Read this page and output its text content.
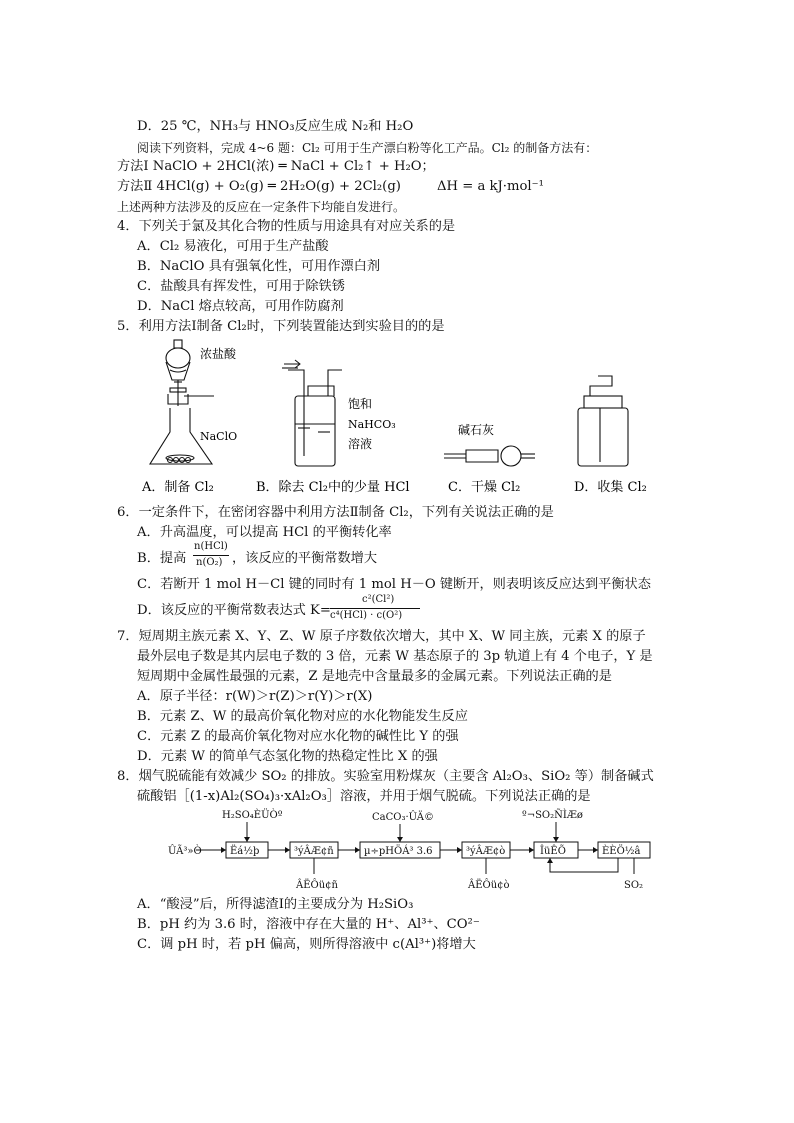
D．25 ℃，NH₃与 HNO₃反应生成 N₂和 H₂O
阅读下列资料，完成 4~6 题：Cl₂ 可用于生产漂白粉等化工产品。Cl₂ 的制备方法有：
方法Ⅰ NaClO + 2HCl(浓) ═ NaCl + Cl₂↑ + H₂O；
方法Ⅱ 4HCl(g) + O₂(g) ═ 2H₂O(g) + 2Cl₂(g)	ΔH = a kJ·mol⁻¹
上述两种方法涉及的反应在一定条件下均能自发进行。
4．下列关于氯及其化合物的性质与用途具有对应关系的是
A．Cl₂ 易液化，可用于生产盐酸
B．NaClO 具有强氧化性，可用作漂白剂
C．盐酸具有挥发性，可用于除铁锈
D．NaCl 熔点较高，可用作防腐剂
5．利用方法Ⅰ制备 Cl₂时，下列装置能达到实验目的的是
浓盐酸
NaClO
饱和
NaHCO₃
溶液
碱石灰
A．制备 Cl₂	B．除去 Cl₂中的少量 HCl	C．干燥 Cl₂	D．收集 Cl₂
6．一定条件下，在密闭容器中利用方法Ⅱ制备 Cl₂，下列有关说法正确的是
A．升高温度，可以提高 HCl 的平衡转化率
B．提高
n(HCl)
n(O₂) ，该反应的平衡常数增大
C．若断开 1 mol H－Cl 键的同时有 1 mol H－O 键断开，则表明该反应达到平衡状态
D．该反应的平衡常数表达式 K=
c²(Cl²)
c⁴(HCl) · c(O²)
7．短周期主族元素 X、Y、Z、W 原子序数依次增大，其中 X、W 同主族，元素 X 的原子
最外层电子数是其内层电子数的 3 倍，元素 W 基态原子的 3p 轨道上有 4 个电子，Y 是
短周期中金属性最强的元素，Z 是地壳中含量最多的金属元素。下列说法正确的是
A．原子半径：r(W)＞r(Z)＞r(Y)＞r(X)
B．元素 Z、W 的最高价氧化物对应的水化物能发生反应
C．元素 Z 的最高价氧化物对应水化物的碱性比 Y 的强
D．元素 W 的简单气态氢化物的热稳定性比 X 的强
8．烟气脱硫能有效减少 SO₂ 的排放。实验室用粉煤灰（主要含 Al₂O₃、SiO₂ 等）制备碱式
硫酸铝［(1-x)Al₂(SO₄)₃·xAl₂O₃］溶液，并用于烟气脱硫。下列说法正确的是
ÛÃ³»Ò
H₂SO₄ÈÜÒº	CaCO₃·ÛÄ©	º¬SO₂ÑÌÆø
Ëá½þ	³ýÂÆ¢ñ	µ÷pHÖÁ³ 3.6	³ýÂÆ¢ò	ÎüÊÕ	ÈÈÖ½â
ÂËÔü¢ñ	ÂËÔü¢ò	SO₂
A．“酸浸”后，所得滤渣Ⅰ的主要成分为 H₂SiO₃
B．pH 约为 3.6 时，溶液中存在大量的 H⁺、Al³⁺、CO²⁻
C．调 pH 时，若 pH 偏高，则所得溶液中 c(Al³⁺)将增大
